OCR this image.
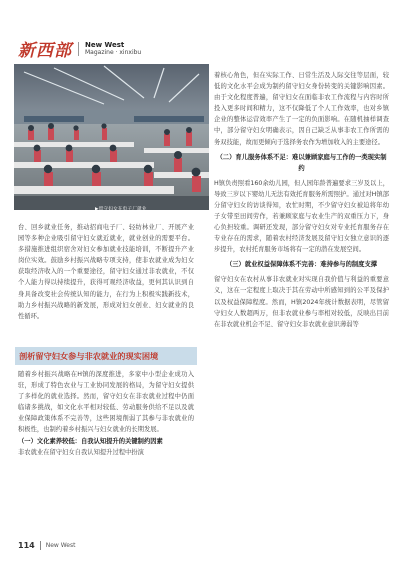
新西部 New West
Magazine · xinxibu
▶留守妇女在电子厂就业

台、回乡就业任务，推动招商电子厂、轻纺林业厂、开展产业园等多种企业吸引留守妇女就近就业，就业创业的需要平台。多措施推进组织宿舍对妇女参加就业技能培训，不断提升产业岗位实效。鼓励乡村振兴战略专项支持，使非农就业成为妇女获取经济收入的一个重要途径，留守妇女通过非农就业，不仅个人能力得以持续提升，获得可观经济收益，更何其认识到自身具备改变社会传统认知的能力，在行为上积极实践新技术，助力乡村振兴战略的新发展，形成对妇女创业、妇女就业的良性循环。

剖析留守妇女参与非农就业的现实困境

随着乡村振兴战略在H镇的深度推进，多家中小型企业成功入驻，形成了特色农业与工业协同发展的格局，为留守妇女提供了多样化的就业选择。然而，留守妇女在非农就业过程中仍面临诸多挑战，如文化水平相对较低、劳动服务供给不足以及就业保障政策体系不完善等，这些困境削弱了其参与非农就业的积极性，也制约着乡村振兴与妇女就业的长期发展。

（一）文化素养较低：自我认知提升的关键制约因素

非农就业在留守妇女自我认知提升过程中扮演

着核心角色，但在实际工作、日常生活及人际交往等层面，较低的文化水平会成为制约留守妇女身份转变的关键影响因素。由于文化程度普遍，留守妇女在面临非农工作流程与内容时所投入更多时间和精力，这不仅降低了个人工作效率，也对乡镇企业的整体运营效率产生了一定的负面影响。在随机抽样调查中，部分留守妇女明确表示，因自己缺乏从事非农工作所需的务双技能，故而更倾向于选择务农作为增加收入的主要途径。

（二）育儿服务体系不足：难以兼顾家庭与工作的一类现实制约

H镇负责照看160余幼儿园，但人园年龄普遍要求三岁及以上，导致三岁以下婴幼儿无法有效托育服务所需照护。通过对H镇部分留守妇女的访谈得知，农忙时期，不少留守妇女被迫将年幼子女带至田间劳作，若兼顾家庭与农业生产的双重压力下，身心负担较重。调研还发现，部分留守妇女对专业托育服务存在专业存在的需求，随着农村经济发展及留守妇女独立意识的逐步提升，农村托育服务市场将有一定的潜在发展空间。

（三）就业权益保障体系不完善：难持参与的制度支撑

留守妇女在农村从事非农就业对实现自我价值与利益的重要意义，这在一定程度上取决于其在劳动中所感知到的公平及保护以及权益保障程度。然而，H镇2024年统计数据表明，尽管留守妇女人数超两万，但非农就业参与率相对较低，反映出目前在非农就业机会不足、留守妇女非农就业意识薄弱等

114 New West
